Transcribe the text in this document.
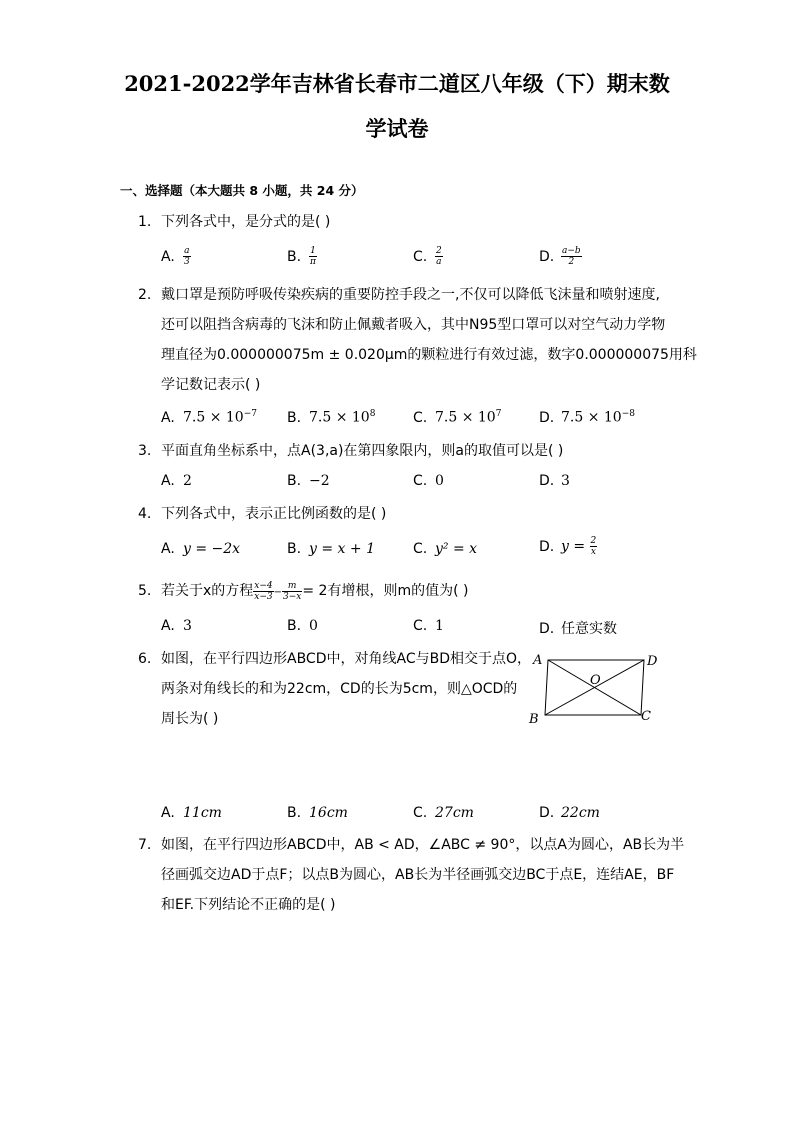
2021-2022学年吉林省长春市二道区八年级（下）期末数
学试卷
一、选择题（本大题共 8 小题，共 24 分）
1. 下列各式中，是分式的是( )
A. $\frac{a}{3}$	B. $\frac{1}{\pi}$	C. $\frac{2}{a}$	D. $\frac{a-b}{2}$
2. 戴口罩是预防呼吸传染疾病的重要防控手段之一,不仅可以降低飞沫量和喷射速度,
还可以阻挡含病毒的飞沫和防止佩戴者吸入，其中N95型口罩可以对空气动力学物
理直径为0.000000075m ± 0.020μm的颗粒进行有效过滤，数字0.000000075用科
学记数记表示( )
A. $7.5 \times 10^{-7}$ B. $7.5 \times 10^8$	C. $7.5 \times 10^7$	D. $7.5 \times 10^{-8}$
3. 平面直角坐标系中，点A(3,a)在第四象限内，则a的取值可以是( )
A. 2	B. −2	C. 0	D. 3
4. 下列各式中，表示正比例函数的是( )
A. y = −2x	B. y = x + 1	C. y² = x	D. $y = \frac{2}{x}$
5. 若关于x的方程 $\frac{x-4}{x-3} - \frac{m}{3-x} = 2$有增根，则m的值为( )
A. 3	B. 0	C. 1	D. 任意实数
6. 如图，在平行四边形ABCD中，对角线AC与BD相交于点O，
两条对角线长的和为22cm，CD的长为5cm，则△OCD的
周长为( )
A	D
B	C
O
A. 11cm	B. 16cm	C. 27cm	D. 22cm
7. 如图，在平行四边形ABCD中，AB < AD，∠ABC ≠ 90°，以点A为圆心，AB长为半
径画弧交边AD于点F；以点B为圆心，AB长为半径画弧交边BC于点E，连结AE，BF
和EF.下列结论不正确的是( )
